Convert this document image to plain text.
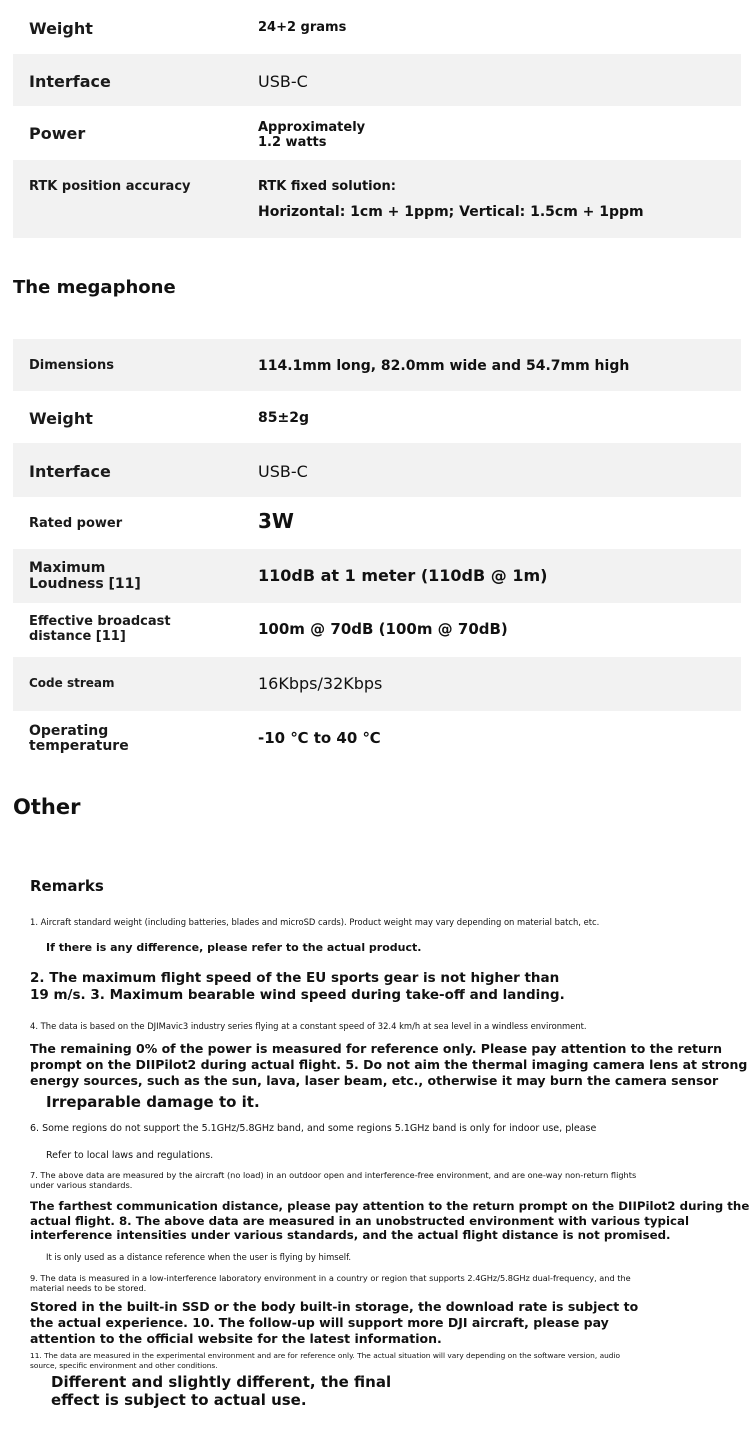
Weight	24+2 grams
Interface	USB-C
Power	Approximately
1.2 watts
RTK position accuracy	RTK fixed solution:
Horizontal: 1cm + 1ppm; Vertical: 1.5cm + 1ppm
The megaphone
Dimensions	114.1mm long, 82.0mm wide and 54.7mm high
Weight	85±2g
Interface	USB-C
Rated power	3W
Maximum
Loudness [11]	110dB at 1 meter (110dB @ 1m)
Effective broadcast
distance [11]	100m @ 70dB (100m @ 70dB)
Code stream	16Kbps/32Kbps
Operating
temperature	-10 ℃ to 40 ℃
Other

Remarks

1. Aircraft standard weight (including batteries, blades and microSD cards). Product weight may vary depending on material batch, etc.

If there is any difference, please refer to the actual product.

2. The maximum flight speed of the EU sports gear is not higher than
19 m/s. 3. Maximum bearable wind speed during take-off and landing.

4. The data is based on the DJIMavic3 industry series flying at a constant speed of 32.4 km/h at sea level in a windless environment.

The remaining 0% of the power is measured for reference only. Please pay attention to the return
prompt on the DIIPilot2 during actual flight. 5. Do not aim the thermal imaging camera lens at strong
energy sources, such as the sun, lava, laser beam, etc., otherwise it may burn the camera sensor

Irreparable damage to it.

6. Some regions do not support the 5.1GHz/5.8GHz band, and some regions 5.1GHz band is only for indoor use, please

Refer to local laws and regulations.

7. The above data are measured by the aircraft (no load) in an outdoor open and interference-free environment, and are one-way non-return flights
under various standards.

The farthest communication distance, please pay attention to the return prompt on the DIIPilot2 during the
actual flight. 8. The above data are measured in an unobstructed environment with various typical
interference intensities under various standards, and the actual flight distance is not promised.

It is only used as a distance reference when the user is flying by himself.

9. The data is measured in a low-interference laboratory environment in a country or region that supports 2.4GHz/5.8GHz dual-frequency, and the
material needs to be stored.

Stored in the built-in SSD or the body built-in storage, the download rate is subject to
the actual experience. 10. The follow-up will support more DJI aircraft, please pay
attention to the official website for the latest information.

11. The data are measured in the experimental environment and are for reference only. The actual situation will vary depending on the software version, audio
source, specific environment and other conditions.

Different and slightly different, the final
effect is subject to actual use.
